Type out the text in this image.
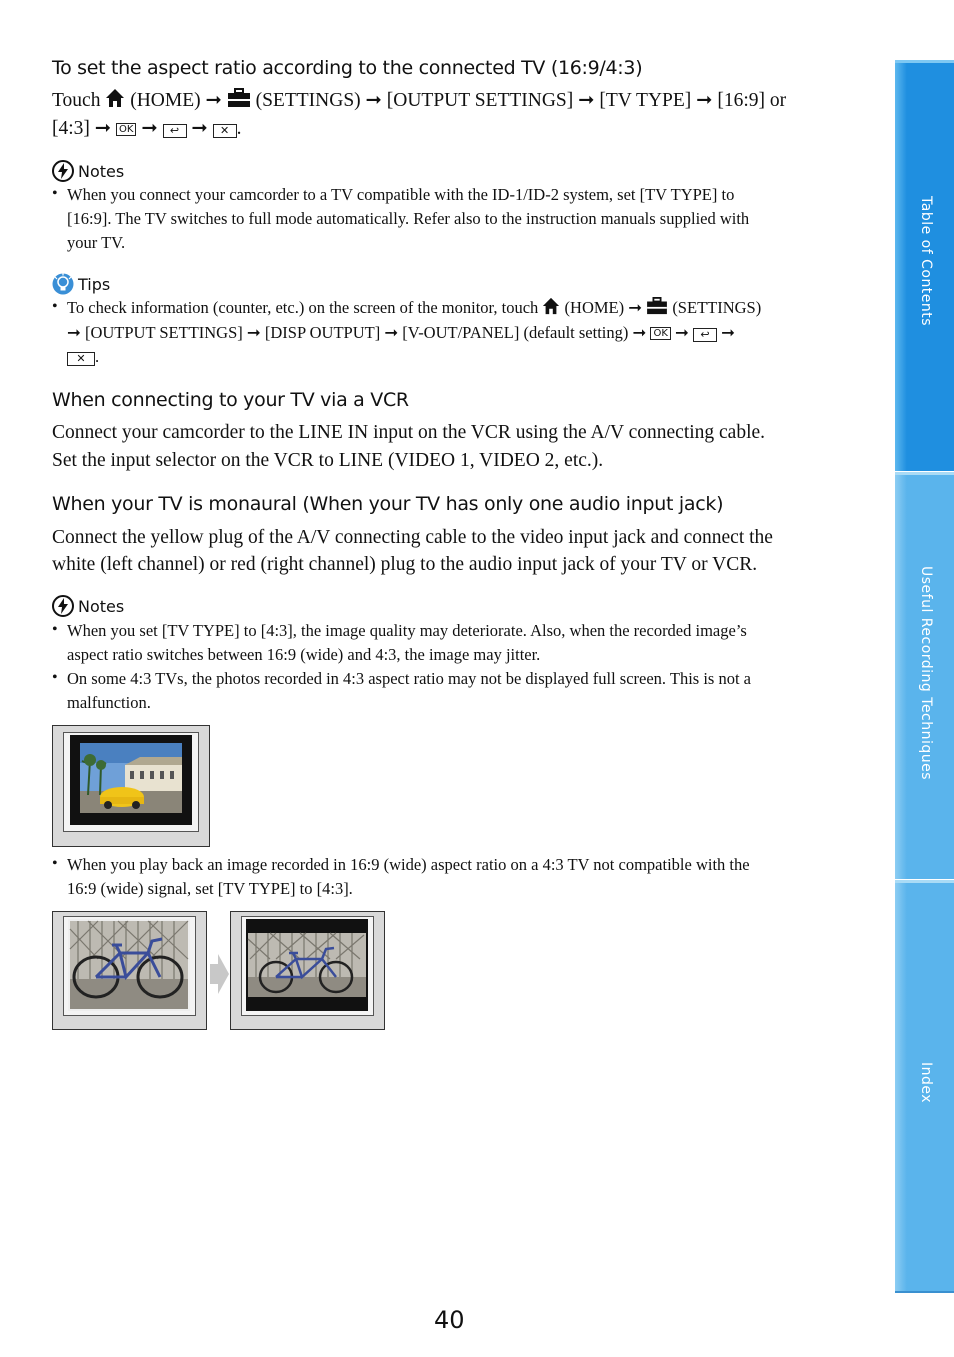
To set the aspect ratio according to the connected TV (16:9/4:3)
Touch (HOME) ➞ (SETTINGS) ➞ [OUTPUT SETTINGS] ➞ [TV TYPE] ➞ [16:9] or
[4:3] ➞ OK ➞ ↩ ➞ ✕ .
Notes
• When you connect your camcorder to a TV compatible with the ID-1/ID-2 system, set [TV TYPE] to
[16:9]. The TV switches to full mode automatically. Refer also to the instruction manuals supplied with
your TV.
Tips
• To check information (counter, etc.) on the screen of the monitor, touch (HOME) ➞ (SETTINGS)
➞ [OUTPUT SETTINGS] ➞ [DISP OUTPUT] ➞ [V-OUT/PANEL] (default setting) ➞ OK ➞ ↩ ➞
✕ .
When connecting to your TV via a VCR
Connect your camcorder to the LINE IN input on the VCR using the A/V connecting cable.
Set the input selector on the VCR to LINE (VIDEO 1, VIDEO 2, etc.).
When your TV is monaural (When your TV has only one audio input jack)
Connect the yellow plug of the A/V connecting cable to the video input jack and connect the
white (left channel) or red (right channel) plug to the audio input jack of your TV or VCR.
Notes
• When you set [TV TYPE] to [4:3], the image quality may deteriorate. Also, when the recorded image’s
aspect ratio switches between 16:9 (wide) and 4:3, the image may jitter.
• On some 4:3 TVs, the photos recorded in 4:3 aspect ratio may not be displayed full screen. This is not a
malfunction.
• When you play back an image recorded in 16:9 (wide) aspect ratio on a 4:3 TV not compatible with the
16:9 (wide) signal, set [TV TYPE] to [4:3].
Table of Contents
Useful Recording Techniques
Index
40
